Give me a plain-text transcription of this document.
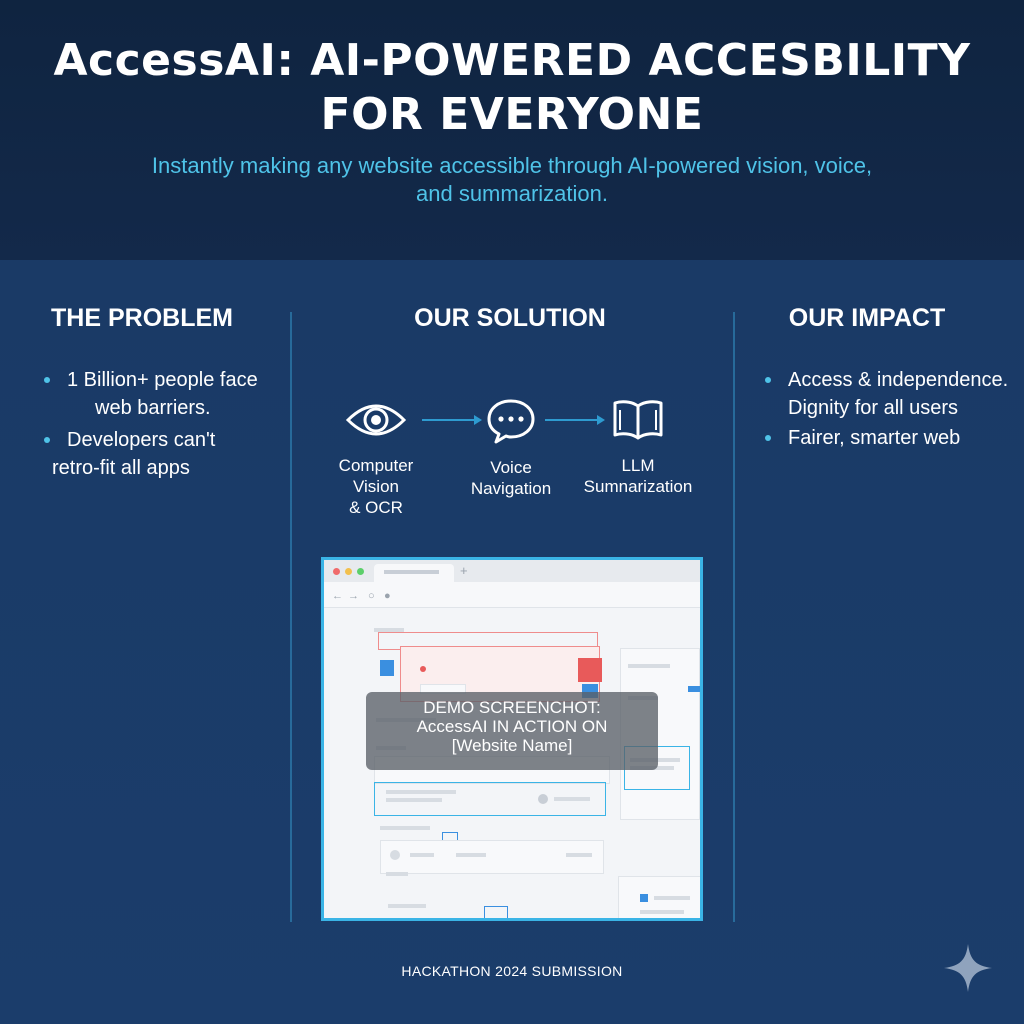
AccessAI: AI-POWERED ACCESBILITY
FOR EVERYONE
Instantly making any website accessible through AI-powered vision, voice,
and summarization.
THE PROBLEM
1 Billion+ people face
web barriers.
Developers can't
retro-fit all apps
OUR SOLUTION
Computer
Vision
& OCR
Voice
Navigation
LLM
Sumnarization
+
← → ○ ●
DEMO SCREENCHOT:
AccessAI IN ACTION ON
[Website Name]
OUR IMPACT
Access & independence.
Dignity for all users
Fairer, smarter web
HACKATHON 2024 SUBMISSION
